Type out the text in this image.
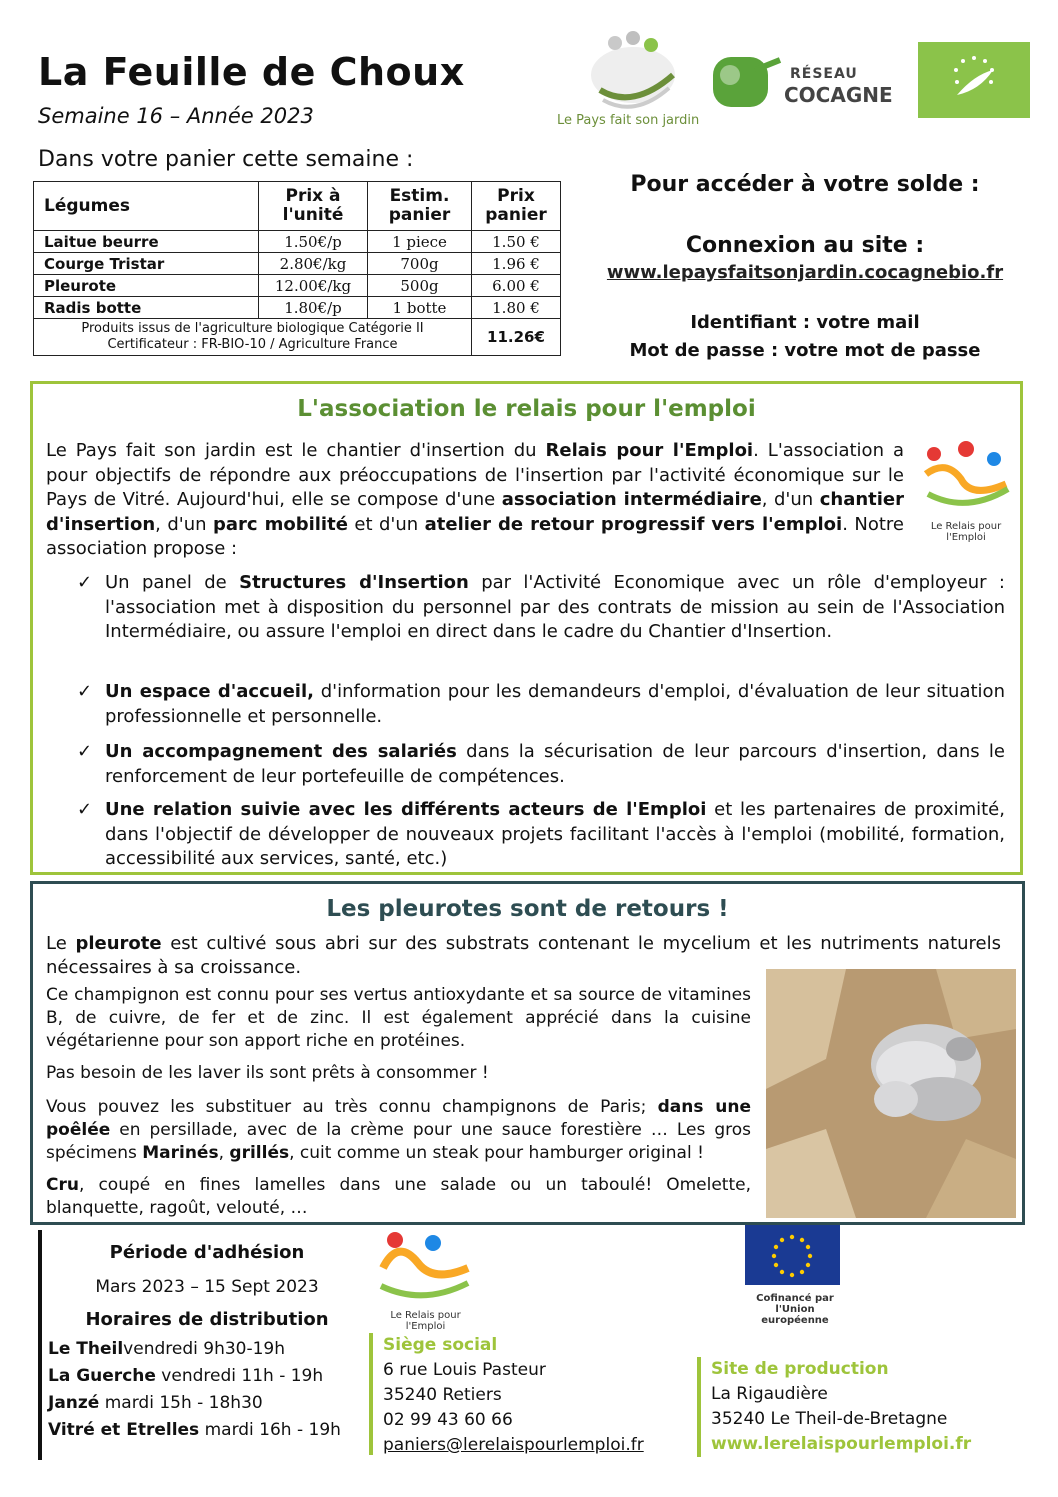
La Feuille de Choux
Semaine 16 – Année 2023	Le Pays fait son jardin
RÉSEAU
COCAGNE
Dans votre panier cette semaine :
Légumes	Prix à l'unité	Estim. panier	Prix panier
Laitue beurre	1.50€/p	1 piece	1.50 €
Courge Tristar	2.80€/kg	700g	1.96 €
Pleurote	12.00€/kg	500g	6.00 €
Radis botte	1.80€/p	1 botte	1.80 €

Produits issus de l'agriculture biologique Catégorie II
Certificateur : FR-BIO-10 / Agriculture France			11.26€
Pour accéder à votre solde :
Connexion au site :
www.lepaysfaitsonjardin.cocagnebio.fr
Identifiant : votre mail
Mot de passe : votre mot de passe
L'association le relais pour l'emploi
Le Pays fait son jardin est le chantier d'insertion du Relais pour l'Emploi. L'association a pour objectifs de répondre aux préoccupations de l'insertion par l'activité économique sur le Pays de Vitré. Aujourd'hui, elle se compose d'une association intermédiaire, d'un chantier d'insertion, d'un parc mobilité et d'un atelier de retour progressif vers l'emploi. Notre association propose :
Le Relais pour l'Emploi
✓ Un panel de Structures d'Insertion par l'Activité Economique avec un rôle d'employeur : l'association met à disposition du personnel par des contrats de mission au sein de l'Association Intermédiaire, ou assure l'emploi en direct dans le cadre du Chantier d'Insertion.
✓ Un espace d'accueil, d'information pour les demandeurs d'emploi, d'évaluation de leur situation professionnelle et personnelle.
✓ Un accompagnement des salariés dans la sécurisation de leur parcours d'insertion, dans le renforcement de leur portefeuille de compétences.
✓ Une relation suivie avec les différents acteurs de l'Emploi et les partenaires de proximité, dans l'objectif de développer de nouveaux projets facilitant l'accès à l'emploi (mobilité, formation, accessibilité aux services, santé, etc.)
Les pleurotes sont de retours !
Le pleurote est cultivé sous abri sur des substrats contenant le mycelium et les nutriments naturels nécessaires à sa croissance.
Ce champignon est connu pour ses vertus antioxydante et sa source de vitamines B, de cuivre, de fer et de zinc. Il est également apprécié dans la cuisine végétarienne pour son apport riche en protéines.
Pas besoin de les laver ils sont prêts à consommer !
Vous pouvez les substituer au très connu champignons de Paris; dans une poêlée en persillade, avec de la crème pour une sauce forestière … Les gros spécimens Marinés, grillés, cuit comme un steak pour hamburger original !
Cru, coupé en fines lamelles dans une salade ou un taboulé! Omelette, blanquette, ragoût, velouté, …
Période d'adhésion
Mars 2023 – 15 Sept 2023
Horaires de distribution
Le Theilvendredi 9h30-19h
La Guerche vendredi 11h - 19h
Janzé mardi 15h - 18h30
Vitré et Etrelles mardi 16h - 19h
Le Relais pour l'Emploi
Cofinancé par
l'Union européenne
Siège social
6 rue Louis Pasteur
35240 Retiers
02 99 43 60 66
paniers@lerelaispourlemploi.fr
Site de production
La Rigaudière
35240 Le Theil-de-Bretagne
www.lerelaispourlemploi.fr
